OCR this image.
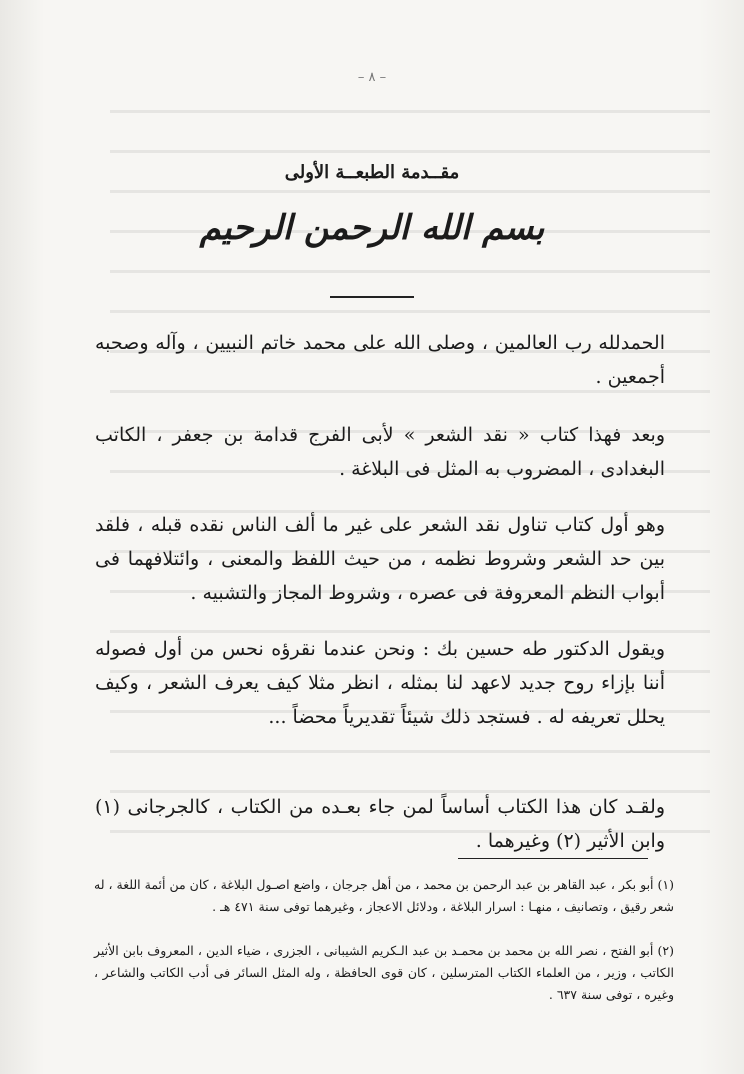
– ٨ –
مقــدمة الطبعــة الأولى
بسم الله الرحمن الرحيم
الحمدلله رب العالمين ، وصلى الله على محمد خاتم النبيين ، وآله وصحبه أجمعين .
وبعد فهذا كتاب « نقد الشعر » لأبى الفرج قدامة بن جعفر ، الكاتب البغدادى ، المضروب به المثل فى البلاغة .
وهو أول كتاب تناول نقد الشعر على غير ما ألف الناس نقده قبله ، فلقد بين حد الشعر وشروط نظمه ، من حيث اللفظ والمعنى ، وائتلافهما فى أبواب النظم المعروفة فى عصره ، وشروط المجاز والتشبيه .
ويقول الدكتور طه حسين بك : ونحن عندما نقرؤه نحس من أول فصوله أننا بإزاء روح جديد لاعهد لنا بمثله ، انظر مثلا كيف يعرف الشعر ، وكيف يحلل تعريفه له . فستجد ذلك شيئاً تقديرياً محضاً ...
ولقـد كان هذا الكتاب أساساً لمن جاء بعـده من الكتاب ، كالجرجانى (١) وابن الأثير (٢) وغيرهما .
(١) أبو بكر ، عبد القاهر بن عبد الرحمن بن محمد ، من أهل جرجان ، واضع اصـول البلاغة ، كان من أئمة اللغة ، له شعر رقيق ، وتصانيف ، منهـا : اسرار البلاغة ، ودلائل الاعجاز ، وغيرهما توفى سنة ٤٧١ هـ .
(٢) أبو الفتح ، نصر الله بن محمد بن محمـد بن عبد الـكريم الشيبانى ، الجزرى ، ضياء الدين ، المعروف بابن الأثير الكاتب ، وزير ، من العلماء الكتاب المترسلين ، كان قوى الحافظة ، وله المثل السائر فى أدب الكاتب والشاعر ، وغيره ، توفى سنة ٦٣٧ .
